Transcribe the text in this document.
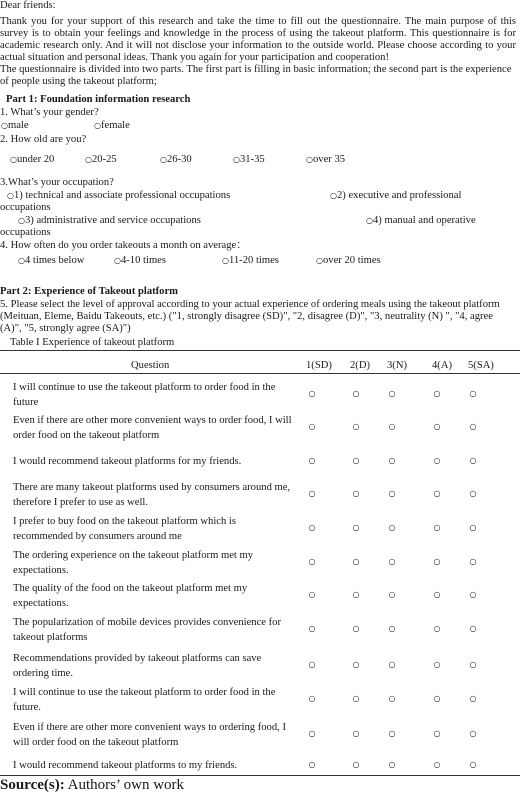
Dear friends:
Thank you for your support of this research and take the time to fill out the questionnaire. The main purpose of this survey is to obtain your feelings and knowledge in the process of using the takeout platform. This questionnaire is for academic research only. And it will not disclose your information to the outside world. Please choose according to your actual situation and personal ideas. Thank you again for your participation and cooperation!
The questionnaire is divided into two parts. The first part is filling in basic information; the second part is the experience of people using the takeout platform;
Part 1: Foundation information research
1. What’s your gender?
○male	○female
2. How old are you?
○under 20	○20-25	○26-30	○31-35	○over 35
3.What’s your occupation?
○1) technical and associate professional occupations	○2) executive and professional
occupations
○3) administrative and service occupations	○4) manual and operative
occupations
4. How often do you order takeouts a month on average：
○4 times below	○4-10 times	○11-20 times	○over 20 times
Part 2: Experience of Takeout platform
5. Please select the level of approval according to your actual experience of ordering meals using the takeout platform (Meituan, Eleme, Baidu Takeouts, etc.) ("1, strongly disagree (SD)", "2, disagree (D)", "3, neutrality (N) ", "4, agree (A)", "5, strongly agree (SA)")
Table I Experience of takeout platform
Question	1(SD) 2(D) 3(N) 4(A) 5(SA)
I will continue to use the takeout platform to order food in the future
○	○	○	○	○
Even if there are other more convenient ways to order food, I will order food on the takeout platform
○	○	○	○	○
I would recommend takeout platforms for my friends.	○	○	○	○	○
There are many takeout platforms used by consumers around me, therefore I prefer to use as well.
○	○	○	○	○
I prefer to buy food on the takeout platform which is recommended by consumers around me
○	○	○	○	○
The ordering experience on the takeout platform met my expectations.
○	○	○	○	○
The quality of the food on the takeout platform met my expectations.
○	○	○	○	○
The popularization of mobile devices provides convenience for takeout platforms
○	○	○	○	○
Recommendations provided by takeout platforms can save ordering time.
○	○	○	○	○
I will continue to use the takeout platform to order food in the future.
○	○	○	○	○
Even if there are other more convenient ways to ordering food, I will order food on the takeout platform
○	○	○	○	○
I would recommend takeout platforms to my friends.	○	○	○	○	○
Source(s): Authors’ own work
